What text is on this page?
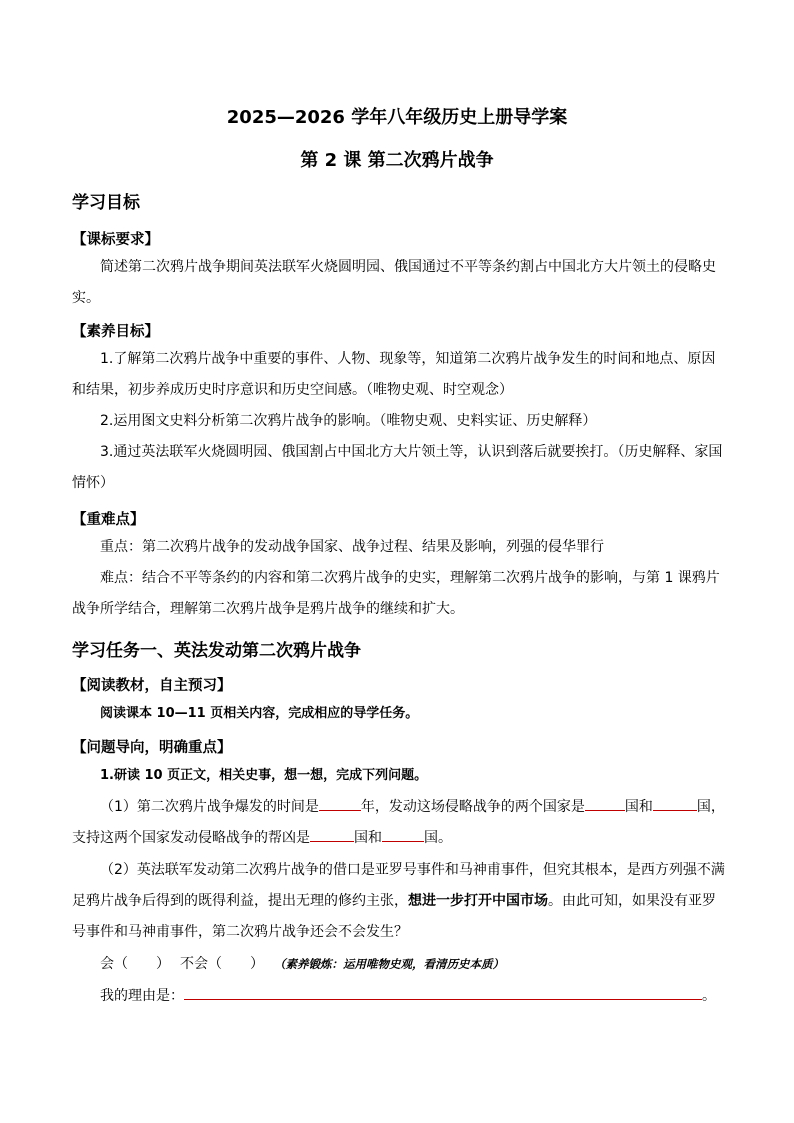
2025—2026 学年八年级历史上册导学案
第 2 课 第二次鸦片战争
学习目标
【课标要求】
简述第二次鸦片战争期间英法联军火烧圆明园、俄国通过不平等条约割占中国北方大片领土的侵略史实。
【素养目标】
1.了解第二次鸦片战争中重要的事件、人物、现象等，知道第二次鸦片战争发生的时间和地点、原因和结果，初步养成历史时序意识和历史空间感。（唯物史观、时空观念）
2.运用图文史料分析第二次鸦片战争的影响。（唯物史观、史料实证、历史解释）
3.通过英法联军火烧圆明园、俄国割占中国北方大片领土等，认识到落后就要挨打。（历史解释、家国情怀）
【重难点】
重点：第二次鸦片战争的发动战争国家、战争过程、结果及影响，列强的侵华罪行
难点：结合不平等条约的内容和第二次鸦片战争的史实，理解第二次鸦片战争的影响，与第 1 课鸦片战争所学结合，理解第二次鸦片战争是鸦片战争的继续和扩大。
学习任务一、英法发动第二次鸦片战争
【阅读教材，自主预习】
阅读课本 10—11 页相关内容，完成相应的导学任务。
【问题导向，明确重点】
1.研读 10 页正文，相关史事，想一想，完成下列问题。
（1）第二次鸦片战争爆发的时间是	年，发动这场侵略战争的两个国家是	国和	国，
支持这两个国家发动侵略战争的帮凶是	国和	国。
（2）英法联军发动第二次鸦片战争的借口是亚罗号事件和马神甫事件，但究其根本，是西方列强不满足鸦片战争后得到的既得利益，提出无理的修约主张，想进一步打开中国市场。由此可知，如果没有亚罗号事件和马神甫事件，第二次鸦片战争还会不会发生？
会（　　） 不会（　　） （素养锻炼：运用唯物史观，看清历史本质）
我的理由是：	。
